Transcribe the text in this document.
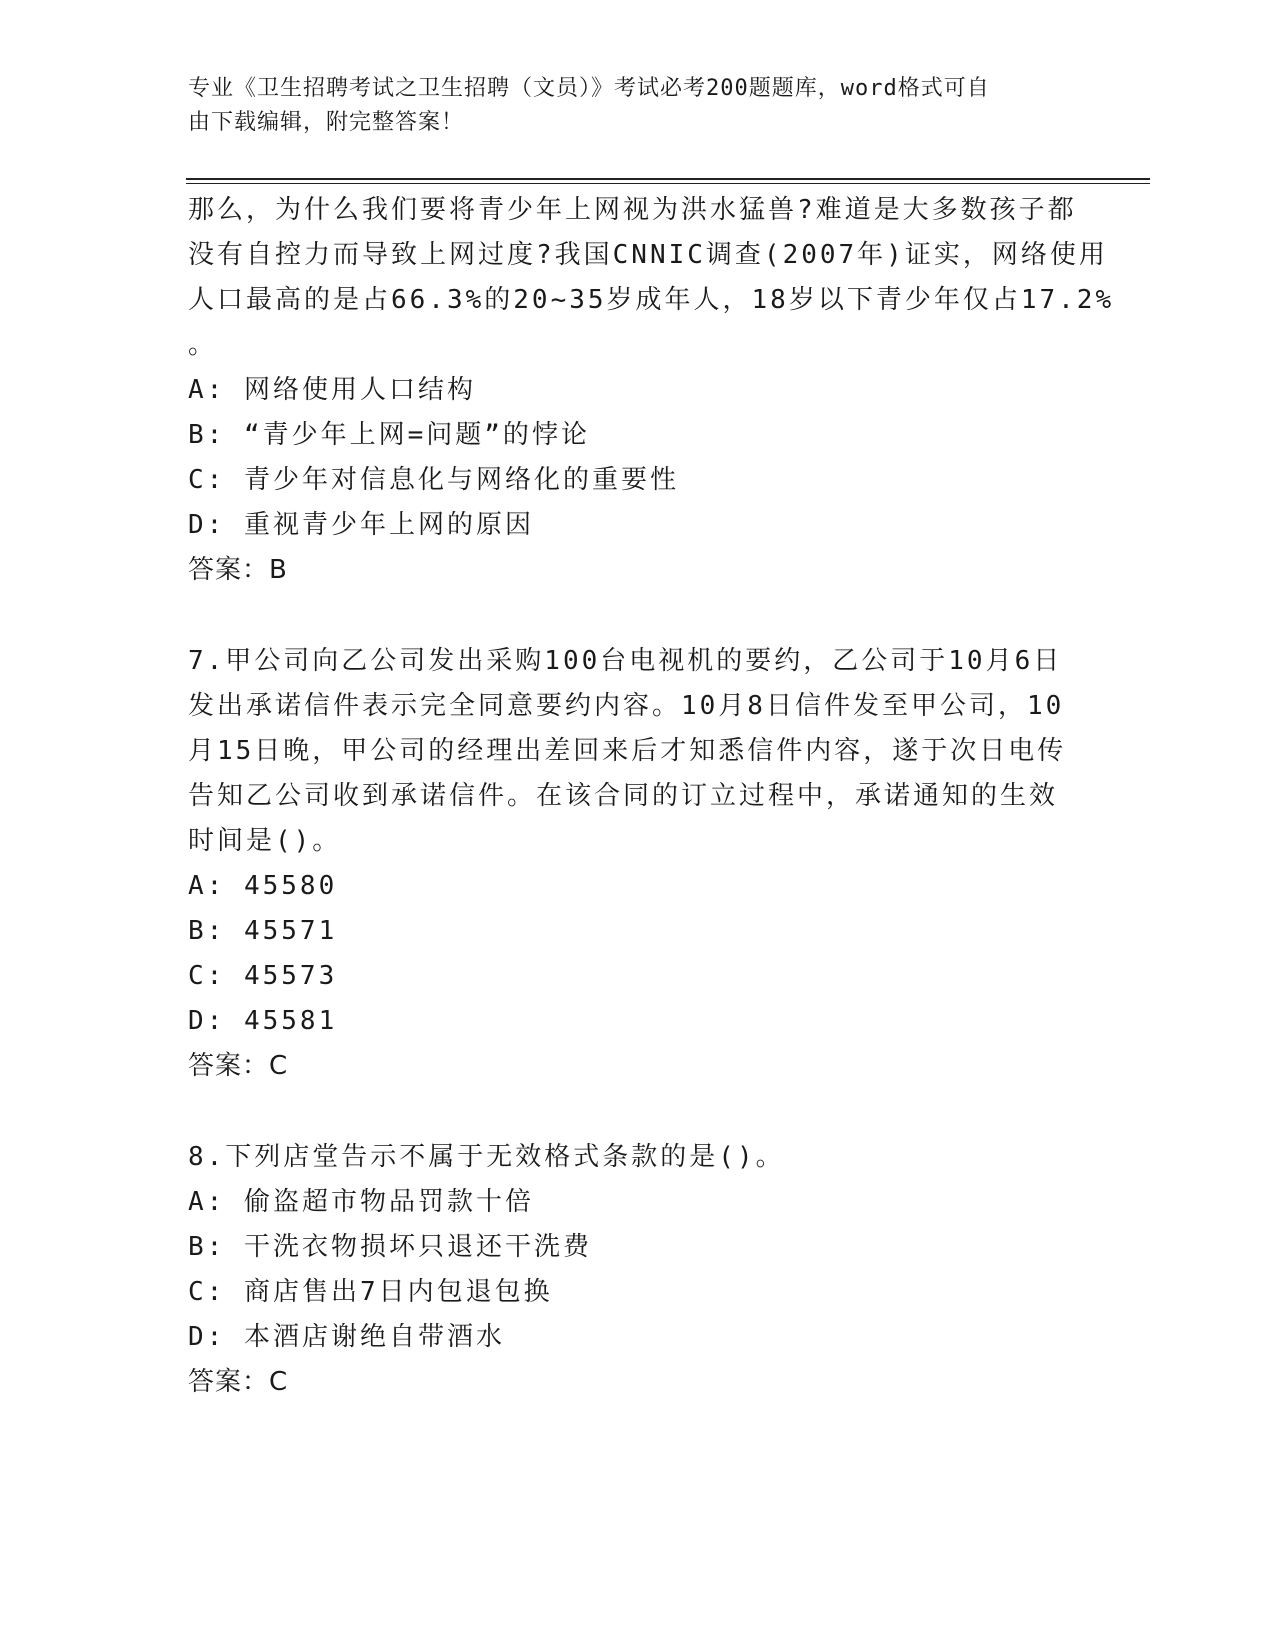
专业《卫生招聘考试之卫生招聘（文员）》考试必考200题题库，word格式可自
由下载编辑，附完整答案！
那么，为什么我们要将青少年上网视为洪水猛兽?难道是大多数孩子都
没有自控力而导致上网过度?我国CNNIC调查(2007年)证实，网络使用
人口最高的是占66.3%的20~35岁成年人，18岁以下青少年仅占17.2%
。
A: 网络使用人口结构
B: “青少年上网=问题”的悖论
C: 青少年对信息化与网络化的重要性
D: 重视青少年上网的原因
答案：B
7.甲公司向乙公司发出采购100台电视机的要约，乙公司于10月6日
发出承诺信件表示完全同意要约内容。10月8日信件发至甲公司，10
月15日晚，甲公司的经理出差回来后才知悉信件内容，遂于次日电传
告知乙公司收到承诺信件。在该合同的订立过程中，承诺通知的生效
时间是()。
A: 45580
B: 45571
C: 45573
D: 45581
答案：C
8.下列店堂告示不属于无效格式条款的是()。
A: 偷盗超市物品罚款十倍
B: 干洗衣物损坏只退还干洗费
C: 商店售出7日内包退包换
D: 本酒店谢绝自带酒水
答案：C
